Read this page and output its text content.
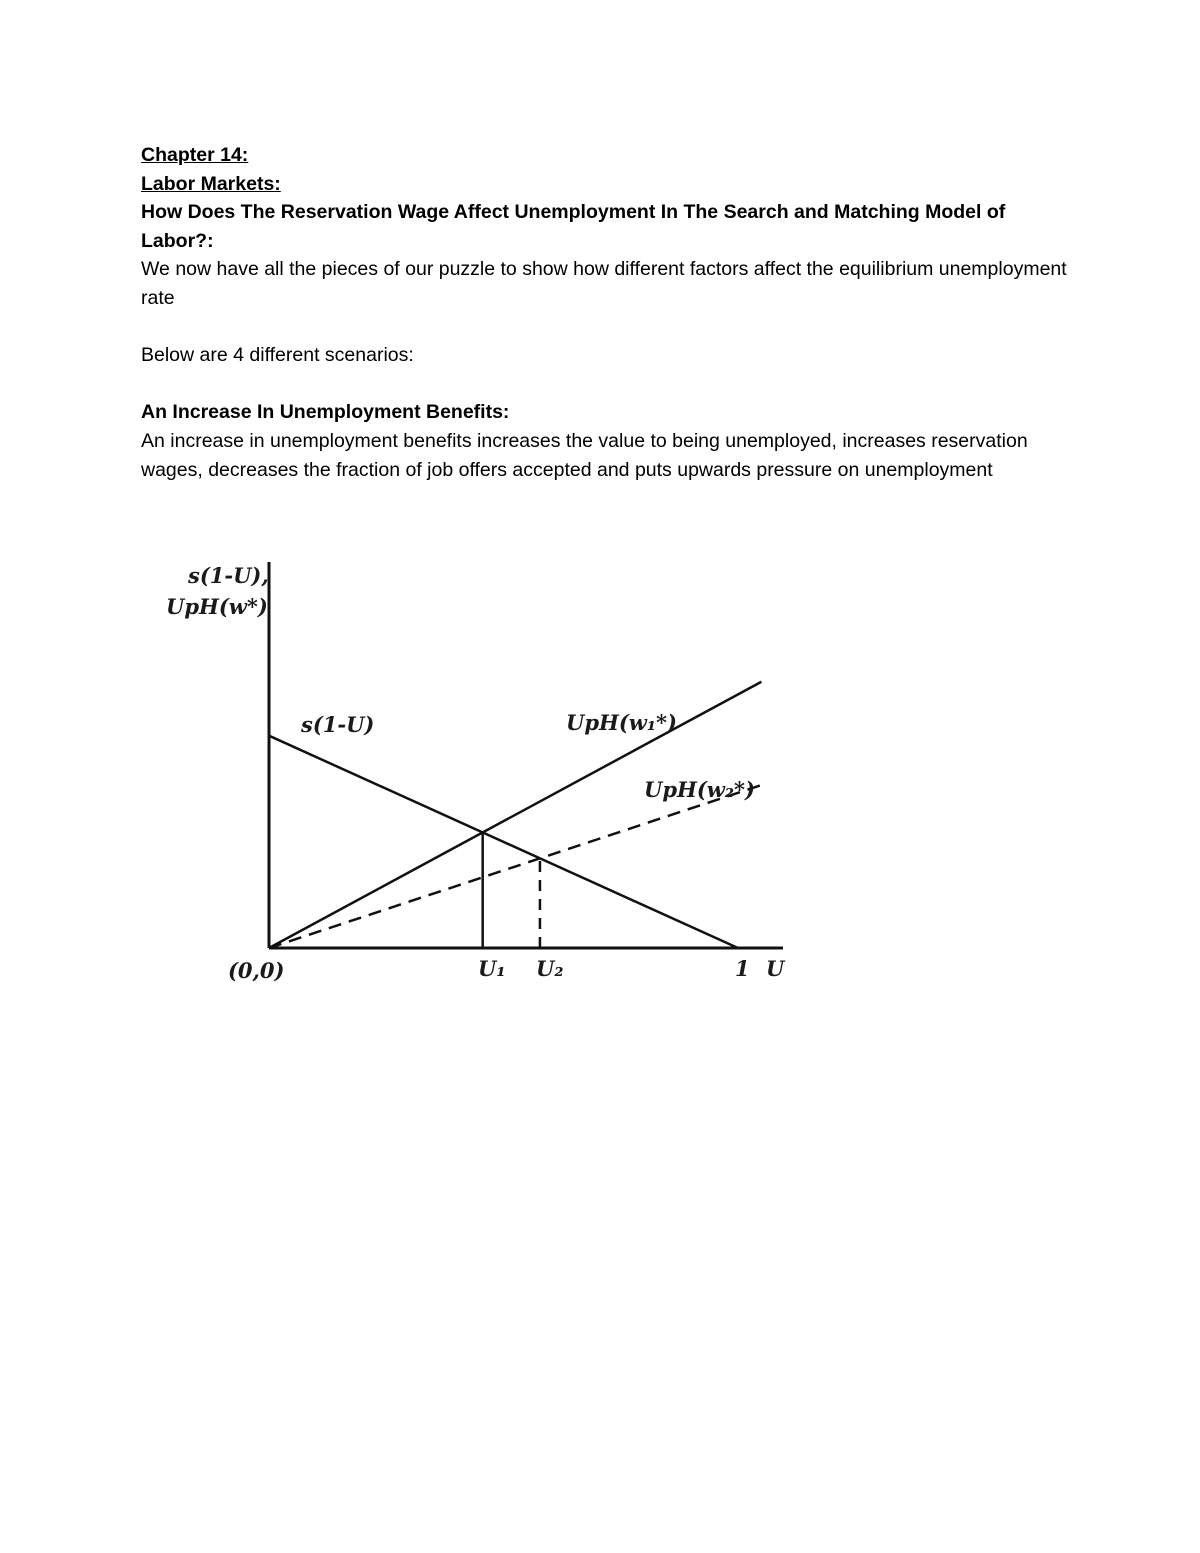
Chapter 14:
Labor Markets:
How Does The Reservation Wage Affect Unemployment In The Search and Matching Model of Labor?:
We now have all the pieces of our puzzle to show how different factors affect the equilibrium unemployment rate
Below are 4 different scenarios:
An Increase In Unemployment Benefits:
An increase in unemployment benefits increases the value to being unemployed, increases reservation wages, decreases the fraction of job offers accepted and puts upwards pressure on unemployment
s(1-U),
UpH(w*)
(0,0)	1 U
s(1-U)	UpH(w₁*)
UpH(w₂*)
U₁ U₂
